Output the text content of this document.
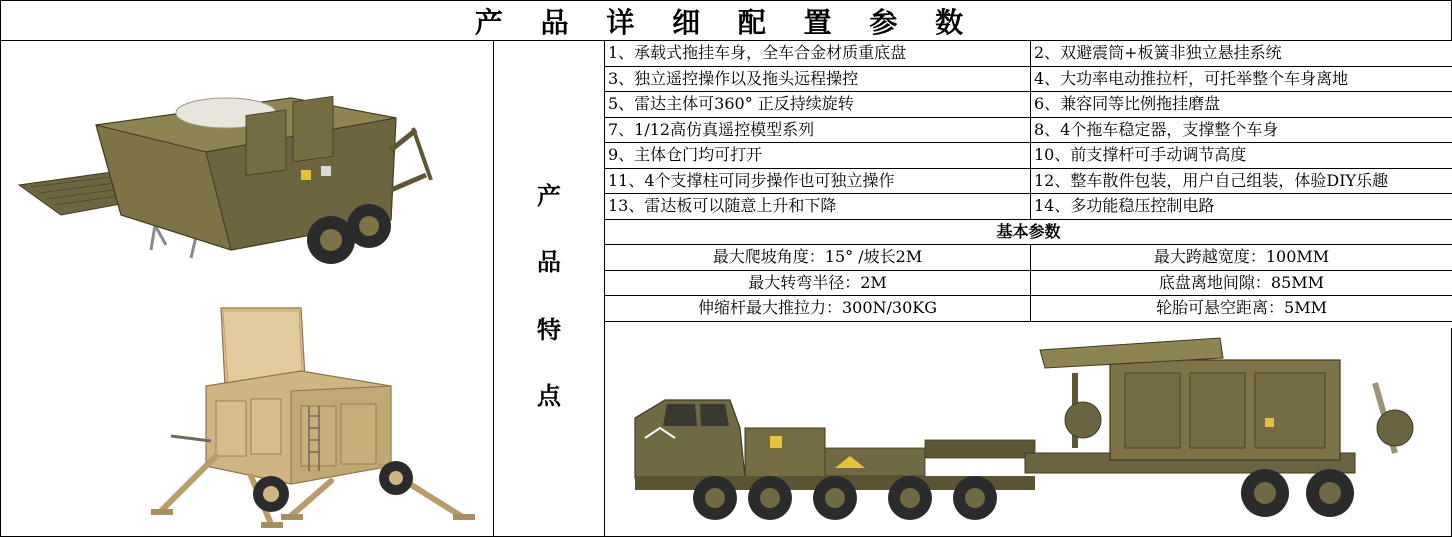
产 品 详 细 配 置 参 数
产
品
特
点
1、承载式拖挂车身，全车合金材质重底盘	2、双避震筒+板簧非独立悬挂系统
3、独立遥控操作以及拖头远程操控	4、大功率电动推拉杆，可托举整个车身离地
5、雷达主体可360° 正反持续旋转	6、兼容同等比例拖挂磨盘
7、1/12高仿真遥控模型系列	8、4个拖车稳定器，支撑整个车身
9、主体仓门均可打开	10、前支撑杆可手动调节高度
11、4个支撑柱可同步操作也可独立操作	12、整车散件包装，用户自己组装，体验DIY乐趣
13、雷达板可以随意上升和下降	14、多功能稳压控制电路
基本参数	
最大爬坡角度：15° /坡长2M	最大跨越宽度：100MM
最大转弯半径：2M	底盘离地间隙：85MM
伸缩杆最大推拉力：300N/30KG	轮胎可悬空距离：5MM
